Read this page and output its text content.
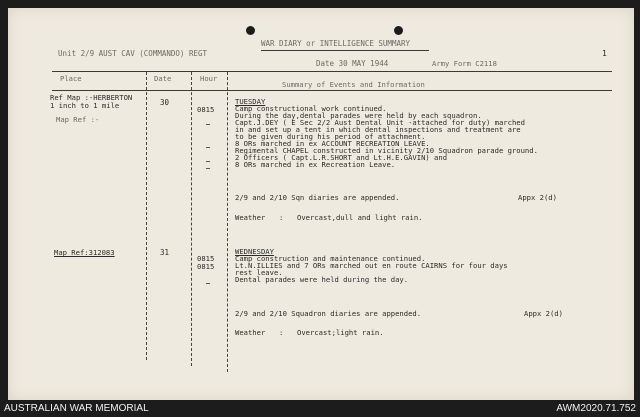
WAR DIARY or INTELLIGENCE SUMMARY
Unit 2/9 AUST CAV (COMMANDO) REGT
Date 30 MAY 1944	Army Form C2118
1
Place	Date	Hour
Summary of Events and Information
Ref Map :-HERBERTON
1 inch to 1 mile
Map Ref :-
30
0815
TUESDAY
Camp constructional work continued.
During the day,dental parades were held by each squadron.
Capt.J.DEY ( E Sec 2/2 Aust Dental Unit -attached for duty) marched
in and set up a tent in which dental inspections and treatment are
to be given during his period of attachment.
8 ORs marched in ex ACCOUNT RECREATION LEAVE.
Regimental CHAPEL constructed in vicinity 2/10 Squadron parade ground.
2 Officers ( Capt.L.R.SHORT and Lt.H.E.GAVIN) and
8 ORs marched in ex Recreation Leave.
2/9 and 2/10 Sqn diaries are appended.	Appx 2(d)
Weather : Overcast,dull and light rain.
Map Ref:312083	31
0815
0815
WEDNESDAY
Camp construction and maintenance continued.
Lt.N.ILLIES and 7 ORs marched out en route CAIRNS for four days
rest leave.
Dental parades were held during the day.
2/9 and 2/10 Squadron diaries are appended.	Appx 2(d)
Weather : Overcast;light rain.
AUSTRALIAN WAR MEMORIAL	AWM2020.71.752
